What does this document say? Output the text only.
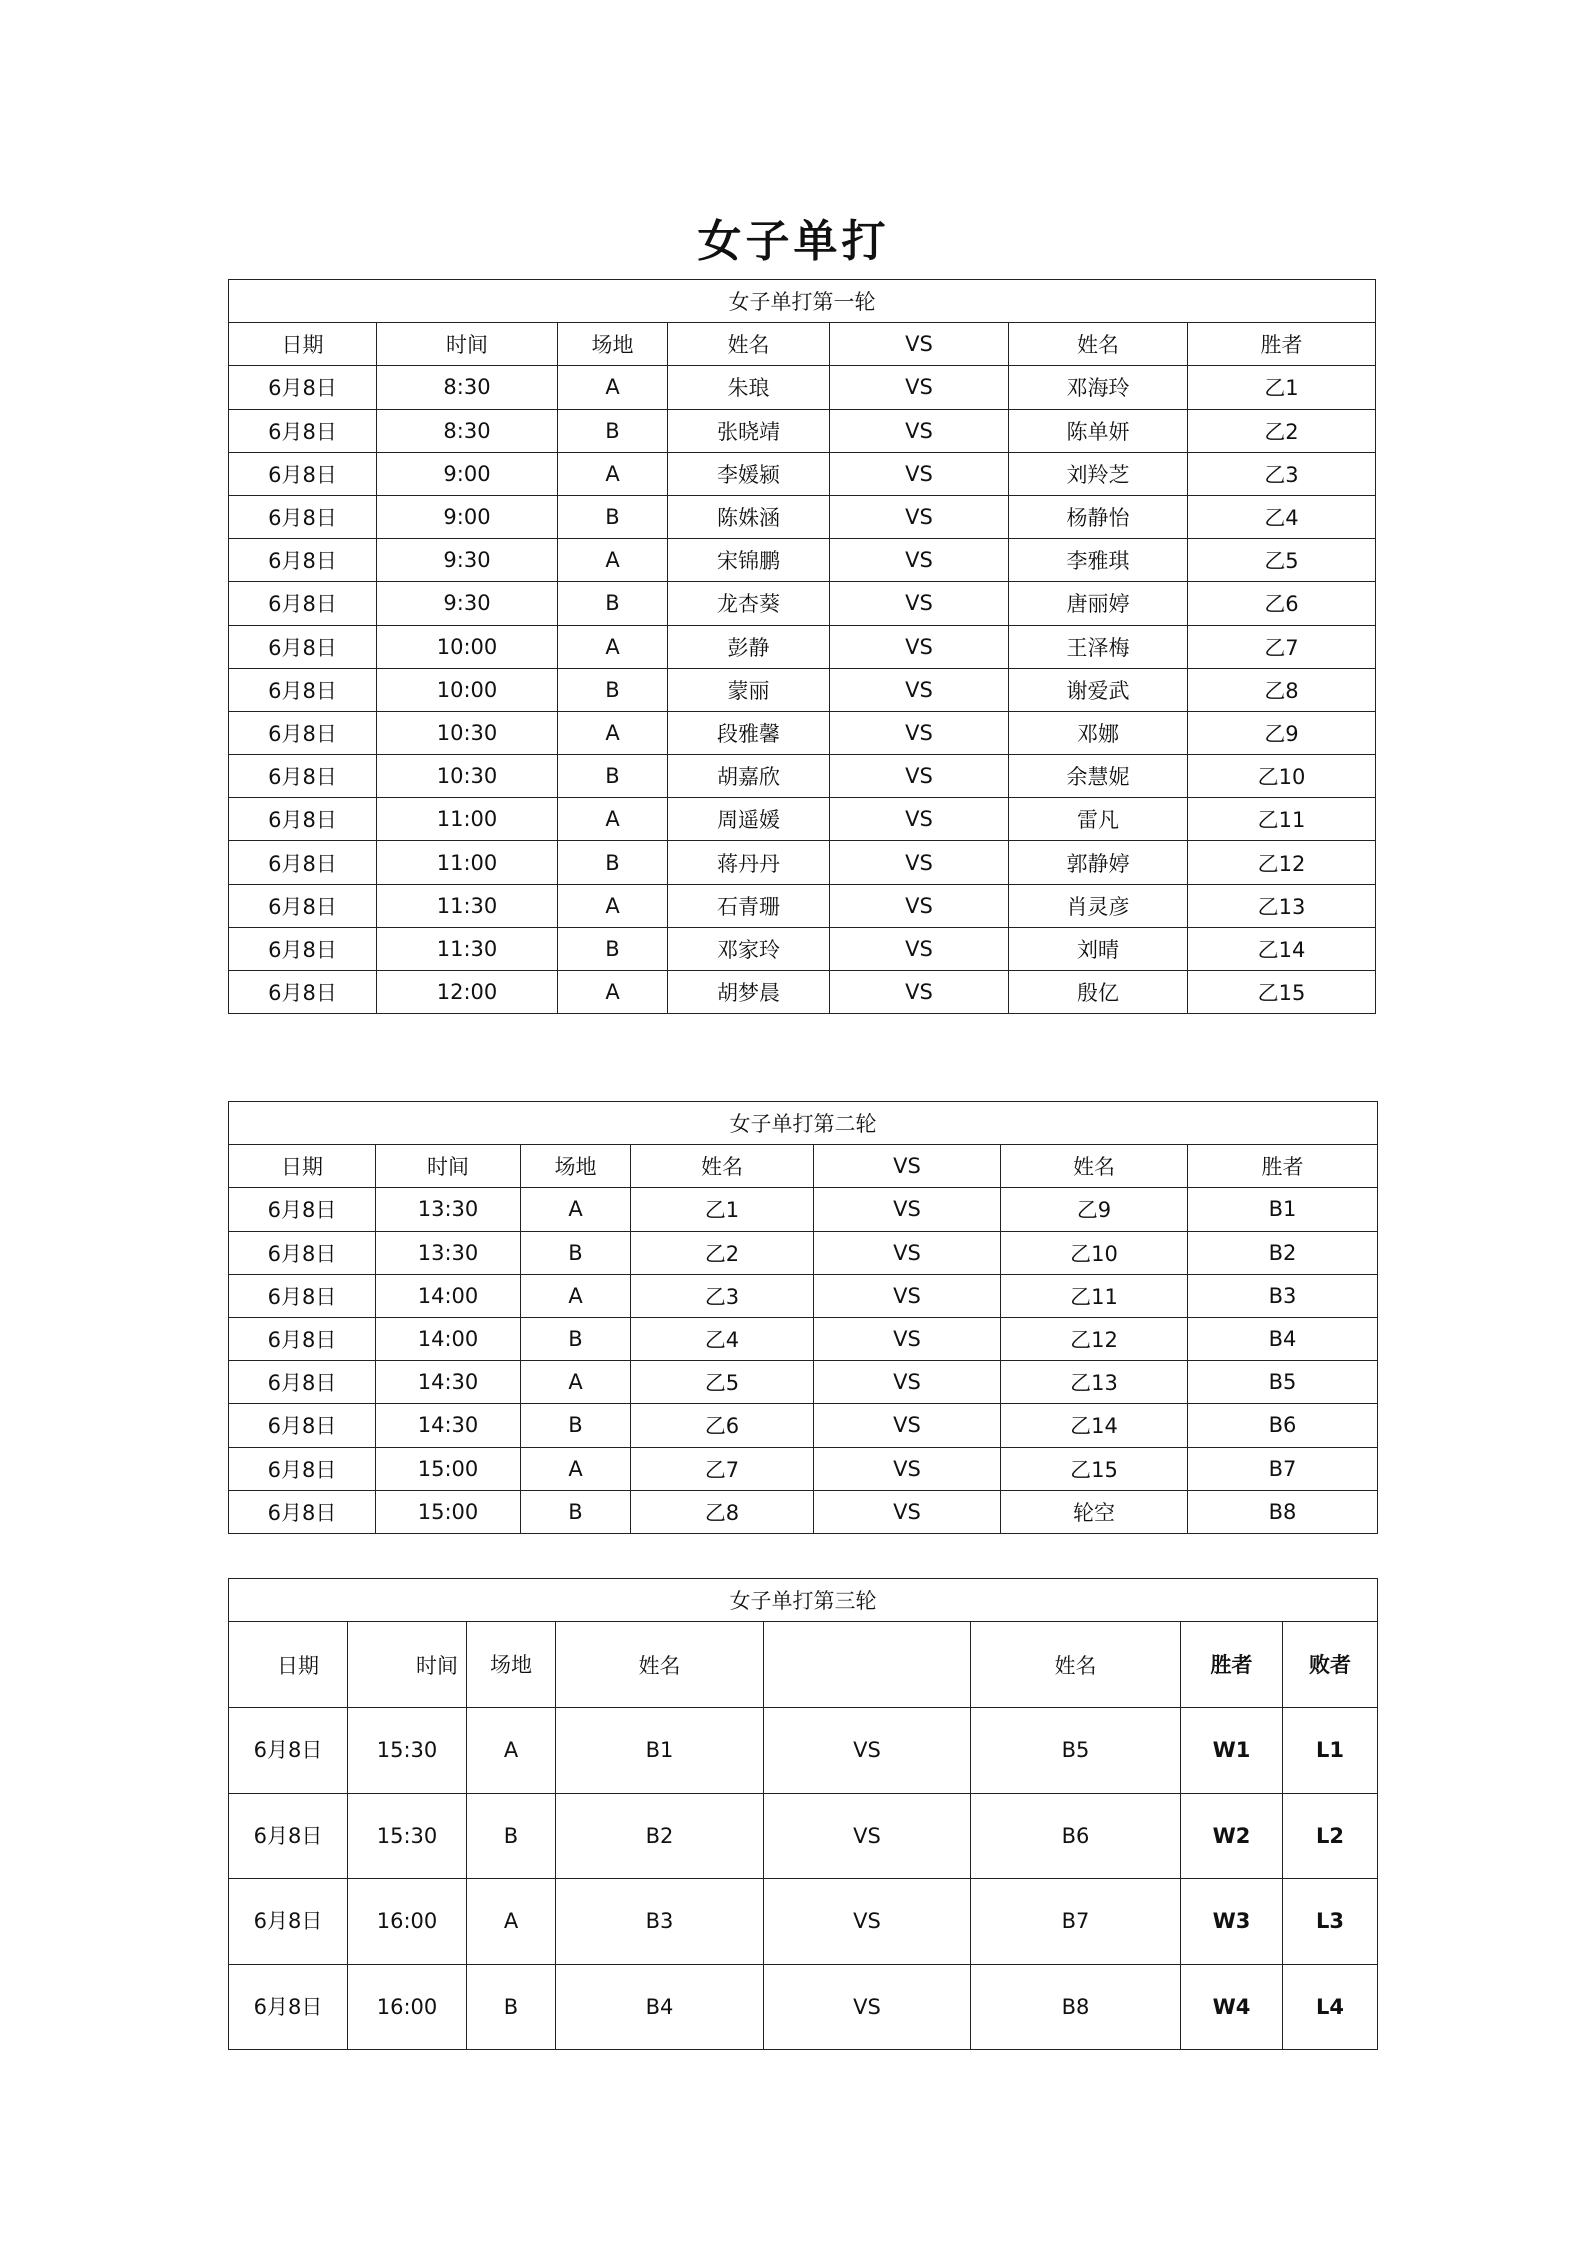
女子单打
女子单打第一轮						
日期	时间	场地	姓名	VS	姓名	胜者
6月8日	8:30	A	朱琅	VS	邓海玲	乙1
6月8日	8:30	B	张晓靖	VS	陈单妍	乙2
6月8日	9:00	A	李媛颍	VS	刘羚芝	乙3
6月8日	9:00	B	陈姝涵	VS	杨静怡	乙4
6月8日	9:30	A	宋锦鹏	VS	李雅琪	乙5
6月8日	9:30	B	龙杏葵	VS	唐丽婷	乙6
6月8日	10:00	A	彭静	VS	王泽梅	乙7
6月8日	10:00	B	蒙丽	VS	谢爱武	乙8
6月8日	10:30	A	段雅馨	VS	邓娜	乙9
6月8日	10:30	B	胡嘉欣	VS	余慧妮	乙10
6月8日	11:00	A	周遥媛	VS	雷凡	乙11
6月8日	11:00	B	蒋丹丹	VS	郭静婷	乙12
6月8日	11:30	A	石青珊	VS	肖灵彦	乙13
6月8日	11:30	B	邓家玲	VS	刘晴	乙14
6月8日	12:00	A	胡梦晨	VS	殷亿	乙15
女子单打第二轮						
日期	时间	场地	姓名	VS	姓名	胜者
6月8日	13:30	A	乙1	VS	乙9	B1
6月8日	13:30	B	乙2	VS	乙10	B2
6月8日	14:00	A	乙3	VS	乙11	B3
6月8日	14:00	B	乙4	VS	乙12	B4
6月8日	14:30	A	乙5	VS	乙13	B5
6月8日	14:30	B	乙6	VS	乙14	B6
6月8日	15:00	A	乙7	VS	乙15	B7
6月8日	15:00	B	乙8	VS	轮空	B8
女子单打第三轮							
日期	时间	场地	姓名		姓名	胜者	败者
6月8日	15:30	A	B1	VS	B5	W1	L1
6月8日	15:30	B	B2	VS	B6	W2	L2
6月8日	16:00	A	B3	VS	B7	W3	L3
6月8日	16:00	B	B4	VS	B8	W4	L4
